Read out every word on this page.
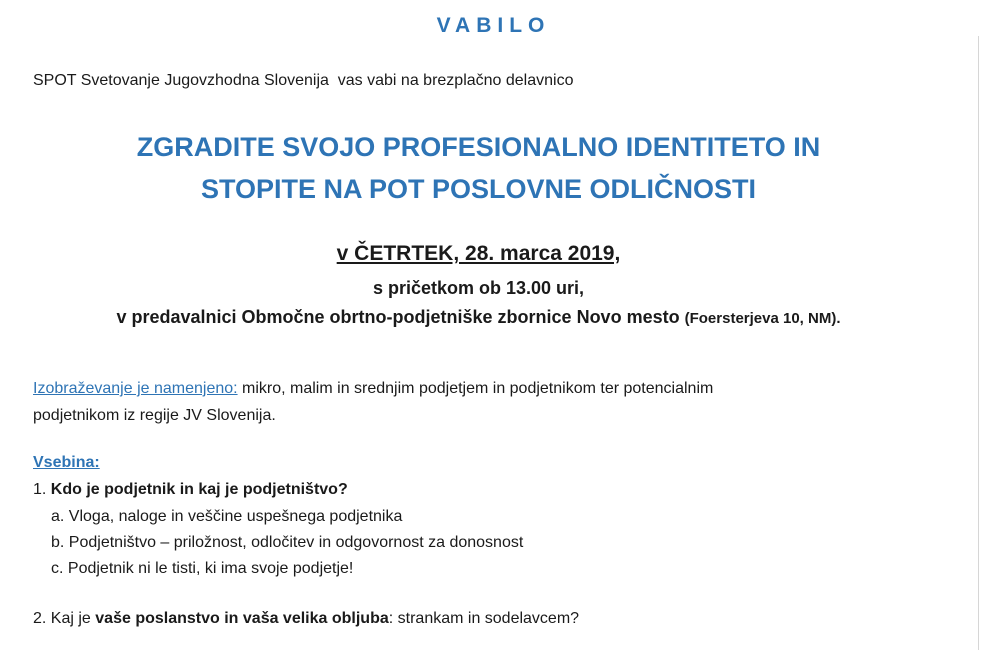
VABILO
SPOT Svetovanje Jugovzhodna Slovenija  vas vabi na brezplačno delavnico
ZGRADITE SVOJO PROFESIONALNO IDENTITETO IN
STOPITE NA POT POSLOVNE ODLIČNOSTI
v ČETRTEK, 28. marca 2019,
s pričetkom ob 13.00 uri,
v predavalnici Območne obrtno-podjetniške zbornice Novo mesto (Foersterjeva 10, NM).
Izobraževanje je namenjeno: mikro, malim in srednjim podjetjem in podjetnikom ter potencialnim
podjetnikom iz regije JV Slovenija.
Vsebina:
1. Kdo je podjetnik in kaj je podjetništvo?
a. Vloga, naloge in veščine uspešnega podjetnika
b. Podjetništvo – priložnost, odločitev in odgovornost za donosnost
c. Podjetnik ni le tisti, ki ima svoje podjetje!
2. Kaj je vaše poslanstvo in vaša velika obljuba: strankam in sodelavcem?
